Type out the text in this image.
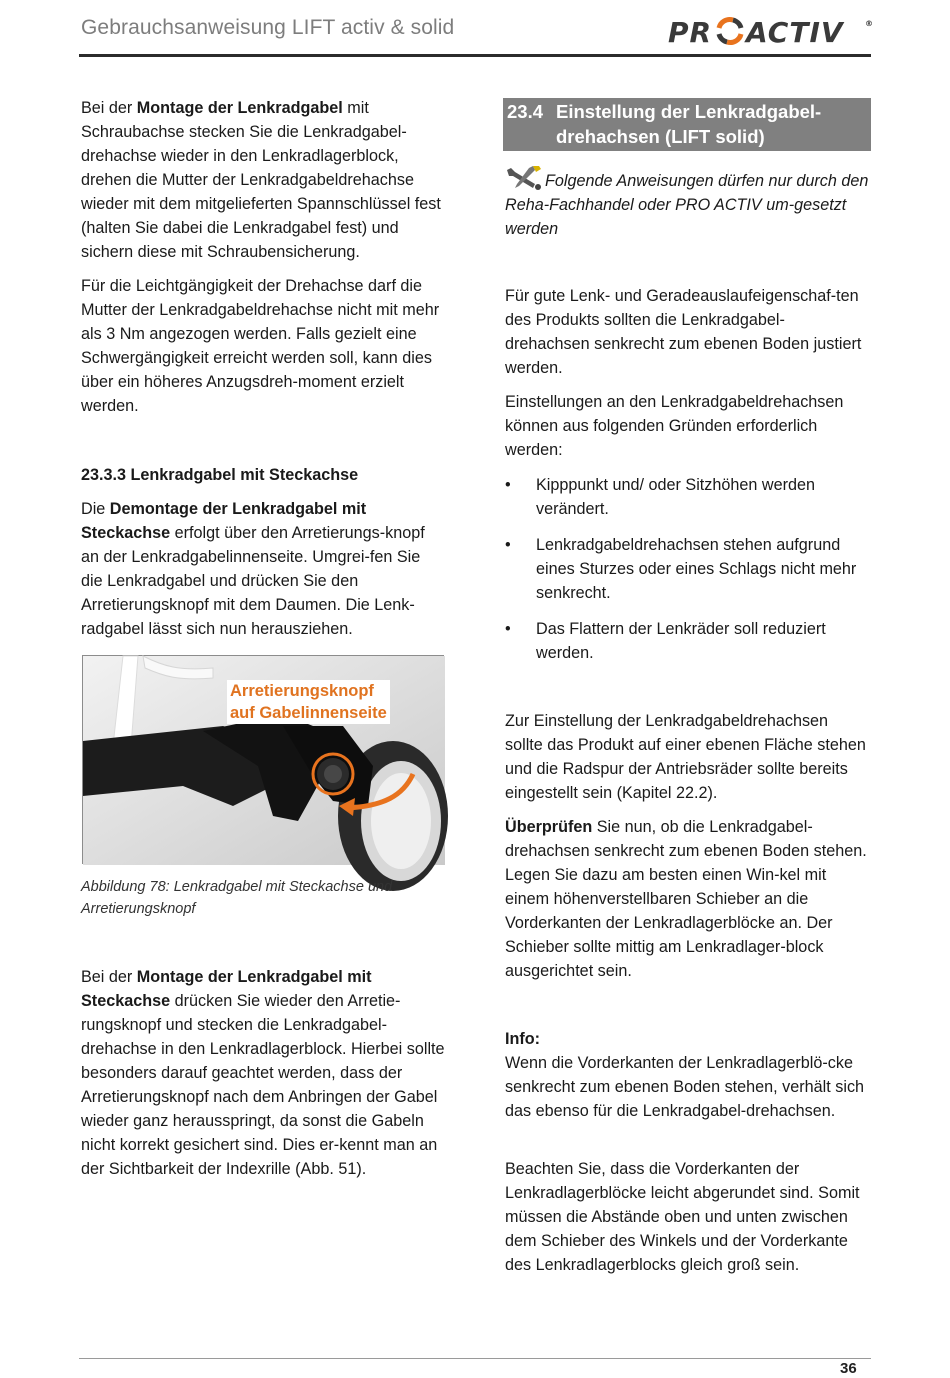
Gebrauchsanweisung LIFT activ & solid	PR ACTIV	®

Bei der Montage der Lenkradgabel mit Schraubachse stecken Sie die Lenkradgabel-drehachse wieder in den Lenkradlagerblock, drehen die Mutter der Lenkradgabeldrehachse wieder mit dem mitgelieferten Spannschlüssel fest (halten Sie dabei die Lenkradgabel fest) und sichern diese mit Schraubensicherung.

Für die Leichtgängigkeit der Drehachse darf die Mutter der Lenkradgabeldrehachse nicht mit mehr als 3 Nm angezogen werden. Falls gezielt eine Schwergängigkeit erreicht werden soll, kann dies über ein höheres Anzugsdreh-moment erzielt werden.

23.3.3 Lenkradgabel mit Steckachse

Die Demontage der Lenkradgabel mit Steckachse erfolgt über den Arretierungs-knopf an der Lenkradgabelinnenseite. Umgrei-fen Sie die Lenkradgabel und drücken Sie den Arretierungsknopf mit dem Daumen. Die Lenk-radgabel lässt sich nun herausziehen.

Arretierungsknopf
auf Gabelinnenseite
Abbildung 78: Lenkradgabel mit Steckachse und Arretierungsknopf

Bei der Montage der Lenkradgabel mit Steckachse drücken Sie wieder den Arretie-rungsknopf und stecken die Lenkradgabel-drehachse in den Lenkradlagerblock. Hierbei sollte besonders darauf geachtet werden, dass der Arretierungsknopf nach dem Anbringen der Gabel wieder ganz herausspringt, da sonst die Gabeln nicht korrekt gesichert sind. Dies er-kennt man an der Sichtbarkeit der Indexrille (Abb. 51).

23.4 Einstellung der Lenkradgabel-drehachsen (LIFT solid)
Folgende Anweisungen dürfen nur durch den Reha-Fachhandel oder PRO ACTIV um-gesetzt werden

Für gute Lenk- und Geradeauslaufeigenschaf-ten des Produkts sollten die Lenkradgabel-drehachsen senkrecht zum ebenen Boden justiert werden.

Einstellungen an den Lenkradgabeldrehachsen können aus folgenden Gründen erforderlich werden:

• Kipppunkt und/ oder Sitzhöhen werden verändert.
• Lenkradgabeldrehachsen stehen aufgrund eines Sturzes oder eines Schlags nicht mehr senkrecht.
• Das Flattern der Lenkräder soll reduziert werden.

Zur Einstellung der Lenkradgabeldrehachsen sollte das Produkt auf einer ebenen Fläche stehen und die Radspur der Antriebsräder sollte bereits eingestellt sein (Kapitel 22.2).

Überprüfen Sie nun, ob die Lenkradgabel-drehachsen senkrecht zum ebenen Boden stehen. Legen Sie dazu am besten einen Win-kel mit einem höhenverstellbaren Schieber an die Vorderkanten der Lenkradlagerblöcke an. Der Schieber sollte mittig am Lenkradlager-block ausgerichtet sein.

Info:

Wenn die Vorderkanten der Lenkradlagerblö-cke senkrecht zum ebenen Boden stehen, verhält sich das ebenso für die Lenkradgabel-drehachsen.

Beachten Sie, dass die Vorderkanten der Lenkradlagerblöcke leicht abgerundet sind. Somit müssen die Abstände oben und unten zwischen dem Schieber des Winkels und der Vorderkante des Lenkradlagerblocks gleich groß sein.

36
